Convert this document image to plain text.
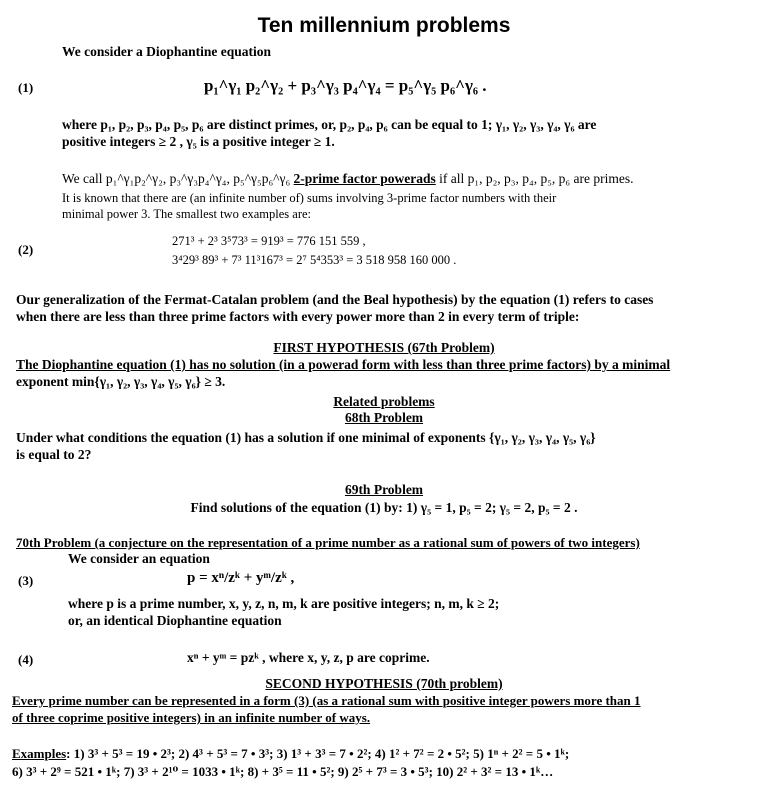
Ten millennium problems
We consider a Diophantine equation
(1)	p₁^γ₁ p₂^γ₂ + p₃^γ₃ p₄^γ₄ = p₅^γ₅ p₆^γ₆ .
where p₁, p₂, p₃, p₄, p₅, p₆ are distinct primes, or, p₂, p₄, p₆ can be equal to 1; γ₁, γ₂, γ₃, γ₄, γ₆ are
positive integers ≥ 2 , γ₅ is a positive integer ≥ 1.
We call p₁^γ₁p₂^γ₂, p₃^γ₃p₄^γ₄, p₅^γ₅p₆^γ₆ 2-prime factor powerads if all p₁, p₂, p₃, p₄, p₅, p₆ are primes.
It is known that there are (an infinite number of) sums involving 3-prime factor numbers with their
minimal power 3. The smallest two examples are:
(2)
271³ + 2³ 3⁵73³ = 919³ = 776 151 559 ,
3⁴29³ 89³ + 7³ 11³167³ = 2⁷ 5⁴353³ = 3 518 958 160 000 .
Our generalization of the Fermat-Catalan problem (and the Beal hypothesis) by the equation (1) refers to cases
when there are less than three prime factors with every power more than 2 in every term of triple:
FIRST HYPOTHESIS (67th Problem)
The Diophantine equation (1) has no solution (in a powerad form with less than three prime factors) by a minimal
exponent min{γ₁, γ₂, γ₃, γ₄, γ₅, γ₆} ≥ 3.
Related problems
68th Problem
Under what conditions the equation (1) has a solution if one minimal of exponents {γ₁, γ₂, γ₃, γ₄, γ₅, γ₆}
is equal to 2?
69th Problem
Find solutions of the equation (1) by: 1) γ₅ = 1, p₅ = 2; γ₅ = 2, p₅ = 2 .
70th Problem (a conjecture on the representation of a prime number as a rational sum of powers of two integers)
We consider an equation
(3)	p = xⁿ/zᵏ + yᵐ/zᵏ ,
where p is a prime number, x, y, z, n, m, k are positive integers; n, m, k ≥ 2;
or, an identical Diophantine equation
(4)	xⁿ + yᵐ = pzᵏ , where x, y, z, p are coprime.
SECOND HYPOTHESIS (70th problem)
Every prime number can be represented in a form (3) (as a rational sum with positive integer powers more than 1
of three coprime positive integers) in an infinite number of ways.
Examples: 1) 3³ + 5³ = 19 • 2³; 2) 4³ + 5³ = 7 • 3³; 3) 1³ + 3³ = 7 • 2²; 4) 1² + 7² = 2 • 5²; 5) 1ⁿ + 2² = 5 • 1ᵏ;
6) 3³ + 2⁹ = 521 • 1ᵏ; 7) 3³ + 2¹⁰ = 1033 • 1ᵏ; 8) + 3⁵ = 11 • 5²; 9) 2⁵ + 7³ = 3 • 5³; 10) 2² + 3² = 13 • 1ᵏ…
